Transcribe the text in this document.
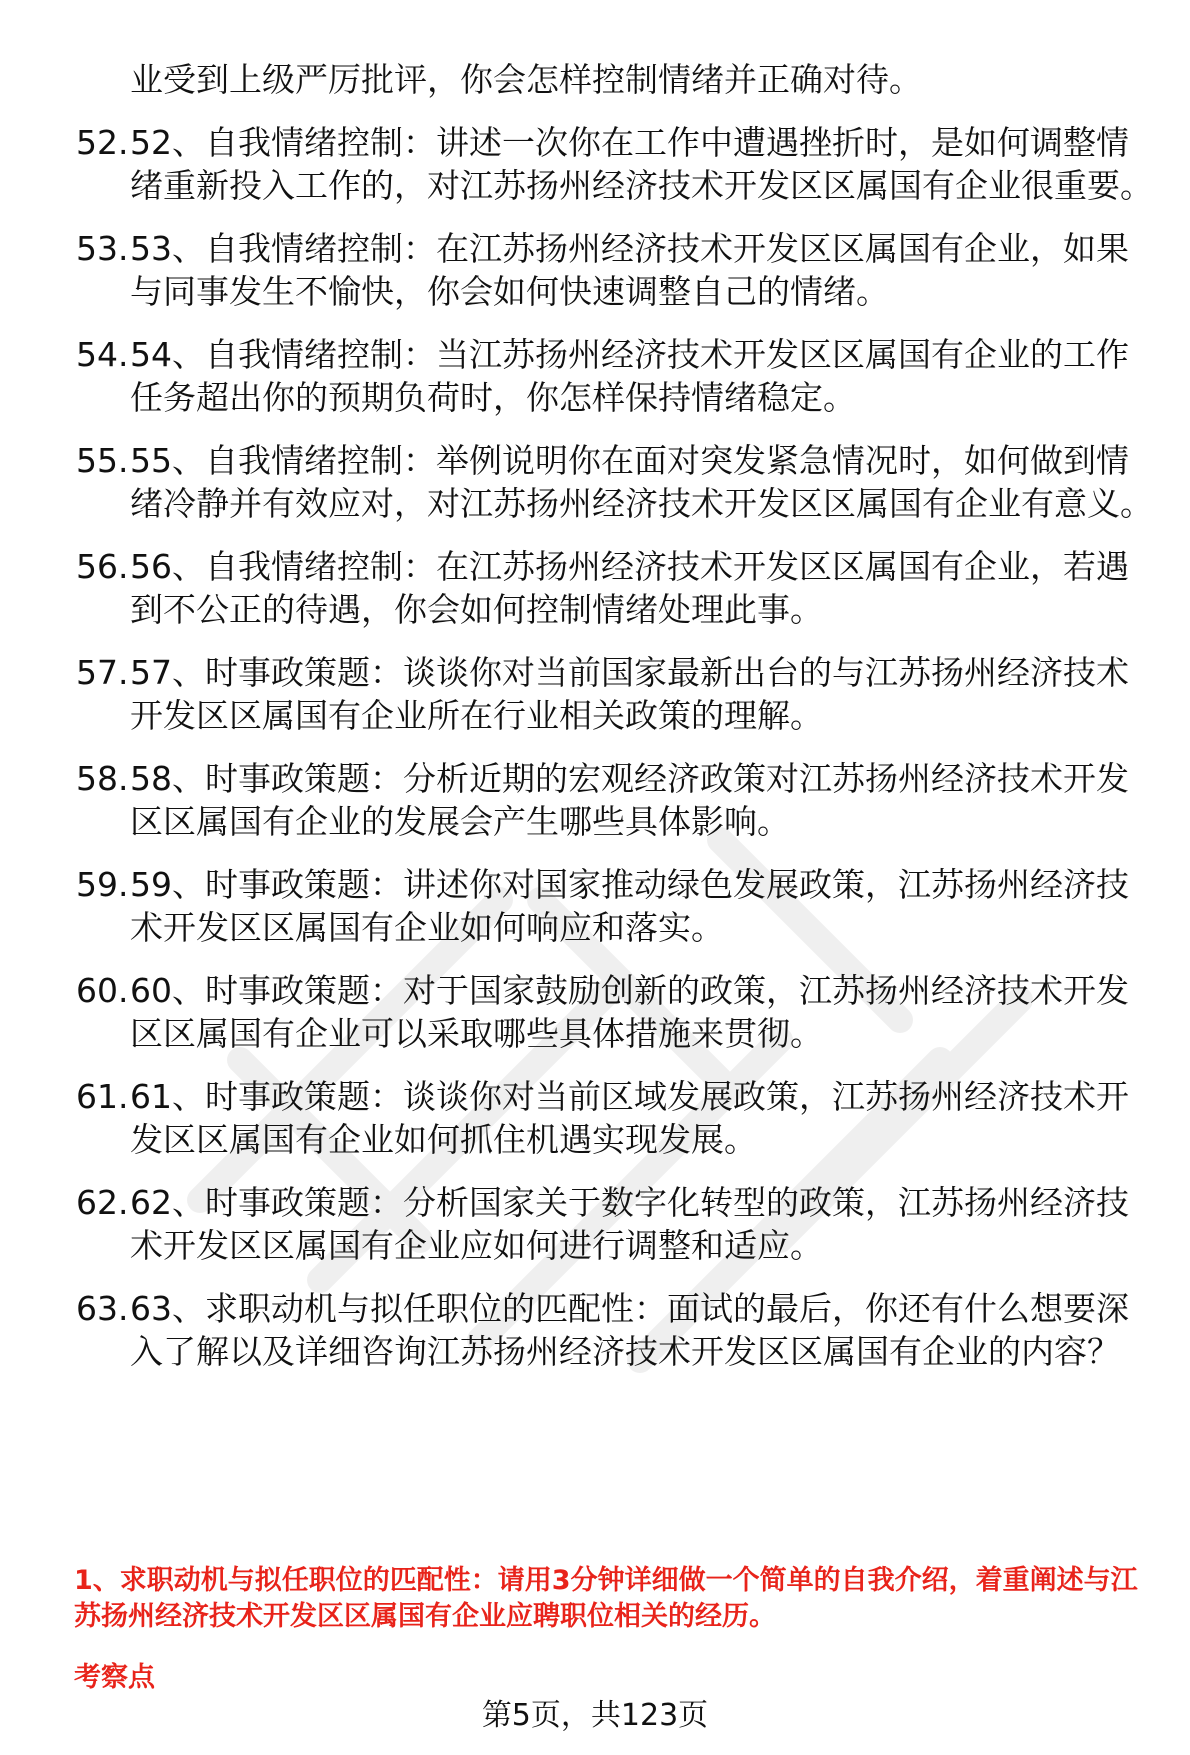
业受到上级严厉批评，你会怎样控制情绪并正确对待。
52. 52、自我情绪控制：讲述一次你在工作中遭遇挫折时，是如何调整情绪重新投入工作的，对江苏扬州经济技术开发区区属国有企业很重要。
53. 53、自我情绪控制：在江苏扬州经济技术开发区区属国有企业，如果与同事发生不愉快，你会如何快速调整自己的情绪。
54. 54、自我情绪控制：当江苏扬州经济技术开发区区属国有企业的工作任务超出你的预期负荷时，你怎样保持情绪稳定。
55. 55、自我情绪控制：举例说明你在面对突发紧急情况时，如何做到情绪冷静并有效应对，对江苏扬州经济技术开发区区属国有企业有意义。
56. 56、自我情绪控制：在江苏扬州经济技术开发区区属国有企业，若遇到不公正的待遇，你会如何控制情绪处理此事。
57. 57、时事政策题：谈谈你对当前国家最新出台的与江苏扬州经济技术开发区区属国有企业所在行业相关政策的理解。
58. 58、时事政策题：分析近期的宏观经济政策对江苏扬州经济技术开发区区属国有企业的发展会产生哪些具体影响。
59. 59、时事政策题：讲述你对国家推动绿色发展政策，江苏扬州经济技术开发区区属国有企业如何响应和落实。
60. 60、时事政策题：对于国家鼓励创新的政策，江苏扬州经济技术开发区区属国有企业可以采取哪些具体措施来贯彻。
61. 61、时事政策题：谈谈你对当前区域发展政策，江苏扬州经济技术开发区区属国有企业如何抓住机遇实现发展。
62. 62、时事政策题：分析国家关于数字化转型的政策，江苏扬州经济技术开发区区属国有企业应如何进行调整和适应。
63. 63、求职动机与拟任职位的匹配性：面试的最后，你还有什么想要深入了解以及详细咨询江苏扬州经济技术开发区区属国有企业的内容？
1、求职动机与拟任职位的匹配性：请用3分钟详细做一个简单的自我介绍，着重阐述与江苏扬州经济技术开发区区属国有企业应聘职位相关的经历。
考察点
第5页，共123页
